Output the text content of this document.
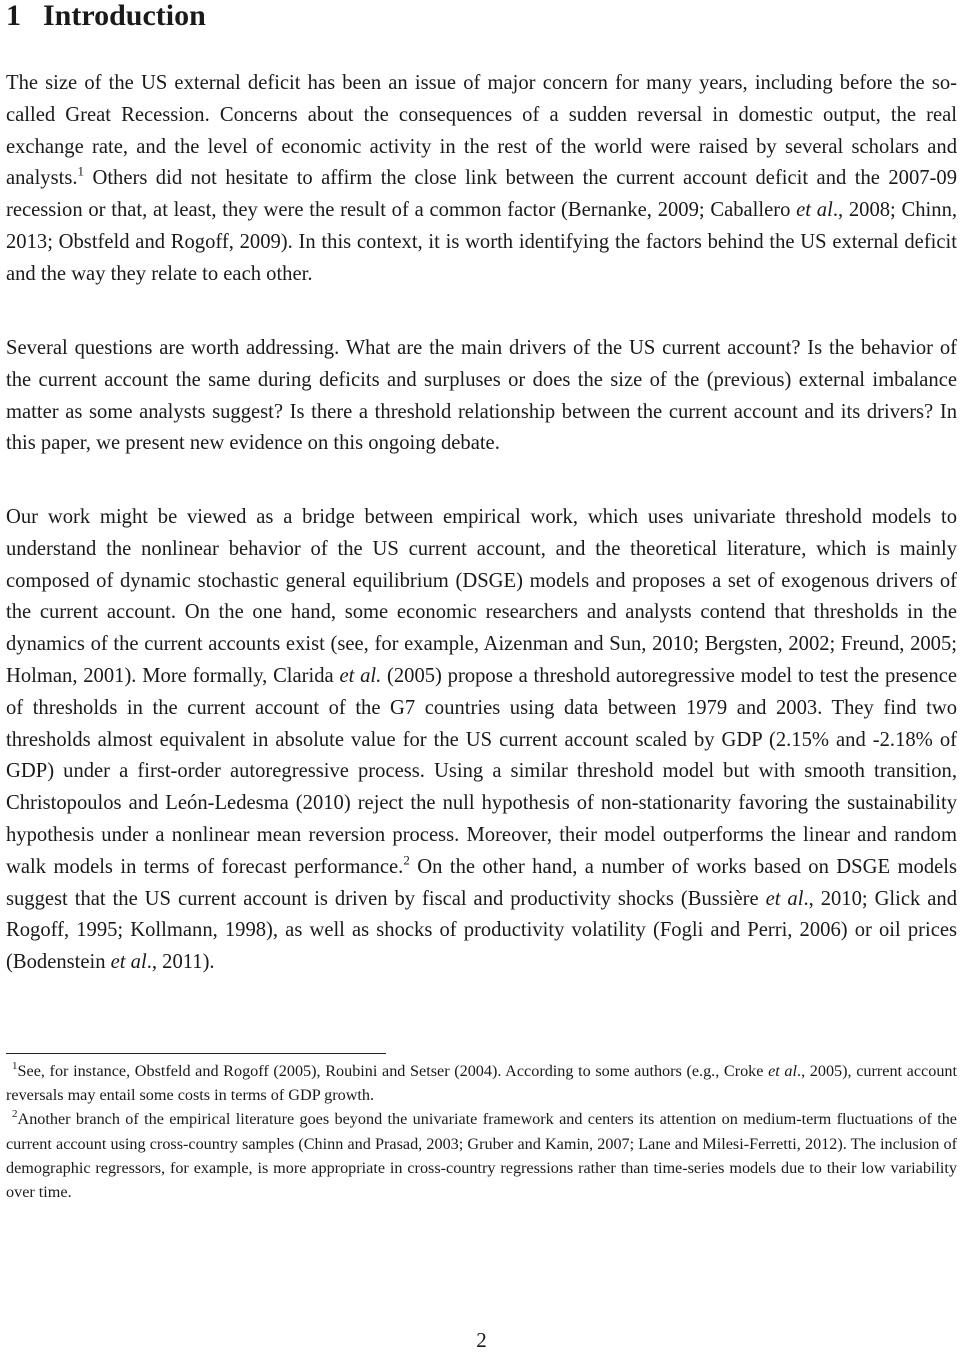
1 Introduction

The size of the US external deficit has been an issue of major concern for many years, including before the so-called Great Recession. Concerns about the consequences of a sudden reversal in domestic output, the real exchange rate, and the level of economic activity in the rest of the world were raised by several scholars and analysts.$^1$ Others did not hesitate to affirm the close link between the current account deficit and the 2007-09 recession or that, at least, they were the result of a common factor (Bernanke, 2009; Caballero et al., 2008; Chinn, 2013; Obstfeld and Rogoff, 2009). In this context, it is worth identifying the factors behind the US external deficit and the way they relate to each other.

Several questions are worth addressing. What are the main drivers of the US current account? Is the behavior of the current account the same during deficits and surpluses or does the size of the (previous) external imbalance matter as some analysts suggest? Is there a threshold relationship between the current account and its drivers? In this paper, we present new evidence on this ongoing debate.

Our work might be viewed as a bridge between empirical work, which uses univariate threshold models to understand the nonlinear behavior of the US current account, and the theoretical literature, which is mainly composed of dynamic stochastic general equilibrium (DSGE) models and proposes a set of exogenous drivers of the current account. On the one hand, some economic researchers and analysts contend that thresholds in the dynamics of the current accounts exist (see, for example, Aizenman and Sun, 2010; Bergsten, 2002; Freund, 2005; Holman, 2001). More formally, Clarida et al. (2005) propose a threshold autoregressive model to test the presence of thresholds in the current account of the G7 countries using data between 1979 and 2003. They find two thresholds almost equivalent in absolute value for the US current account scaled by GDP (2.15% and -2.18% of GDP) under a first-order autoregressive process. Using a similar threshold model but with smooth transition, Christopoulos and León-Ledesma (2010) reject the null hypothesis of non-stationarity favoring the sustainability hypothesis under a nonlinear mean reversion process. Moreover, their model outperforms the linear and random walk models in terms of forecast performance.$^2$ On the other hand, a number of works based on DSGE models suggest that the US current account is driven by fiscal and productivity shocks (Bussière et al., 2010; Glick and Rogoff, 1995; Kollmann, 1998), as well as shocks of productivity volatility (Fogli and Perri, 2006) or oil prices (Bodenstein et al., 2011).

$^1$See, for instance, Obstfeld and Rogoff (2005), Roubini and Setser (2004). According to some authors (e.g., Croke et al., 2005), current account reversals may entail some costs in terms of GDP growth.

$^2$Another branch of the empirical literature goes beyond the univariate framework and centers its attention on medium-term fluctuations of the current account using cross-country samples (Chinn and Prasad, 2003; Gruber and Kamin, 2007; Lane and Milesi-Ferretti, 2012). The inclusion of demographic regressors, for example, is more appropriate in cross-country regressions rather than time-series models due to their low variability over time.

2
